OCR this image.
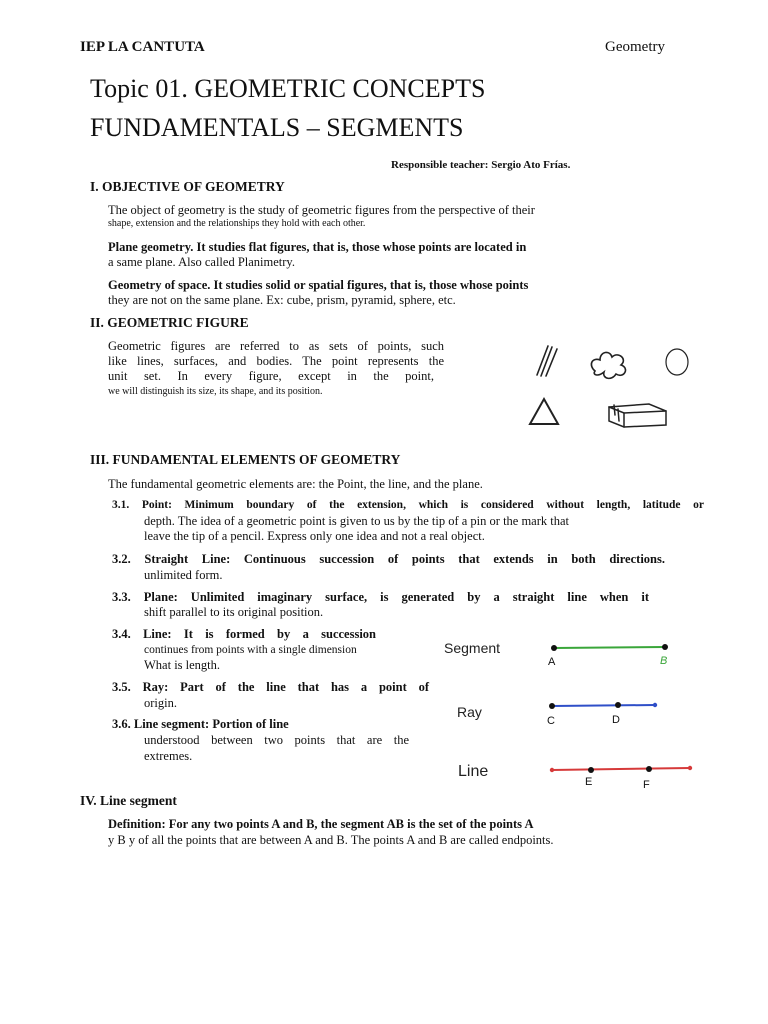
IEP LA CANTUTA	Geometry
Topic 01. GEOMETRIC CONCEPTS
FUNDAMENTALS – SEGMENTS
Responsible teacher: Sergio Ato Frías.
I. OBJECTIVE OF GEOMETRY
The object of geometry is the study of geometric figures from the perspective of their
shape, extension and the relationships they hold with each other.
Plane geometry. It studies flat figures, that is, those whose points are located in
a same plane. Also called Planimetry.
Geometry of space. It studies solid or spatial figures, that is, those whose points
they are not on the same plane. Ex: cube, prism, pyramid, sphere, etc.
II. GEOMETRIC FIGURE
Geometric figures are referred to as sets of points, such
like lines, surfaces, and bodies. The point represents the
unit set. In every figure, except in the point,
we will distinguish its size, its shape, and its position.
III. FUNDAMENTAL ELEMENTS OF GEOMETRY
The fundamental geometric elements are: the Point, the line, and the plane.
3.1. Point: Minimum boundary of the extension, which is considered without length, latitude or
depth. The idea of a geometric point is given to us by the tip of a pin or the mark that
leave the tip of a pencil. Express only one idea and not a real object.
3.2. Straight Line: Continuous succession of points that extends in both directions.
unlimited form.
3.3. Plane: Unlimited imaginary surface, is generated by a straight line when it
shift parallel to its original position.
3.4. Line: It is formed by a succession
continues from points with a single dimension
What is length.
3.5. Ray: Part of the line that has a point of
origin.
3.6. Line segment: Portion of line
understood between two points that are the
extremes.
Segment
Ray
Line
A	B
C	D
E	F
IV. Line segment
Definition: For any two points A and B, the segment AB is the set of the points A
y B y of all the points that are between A and B. The points A and B are called endpoints.
